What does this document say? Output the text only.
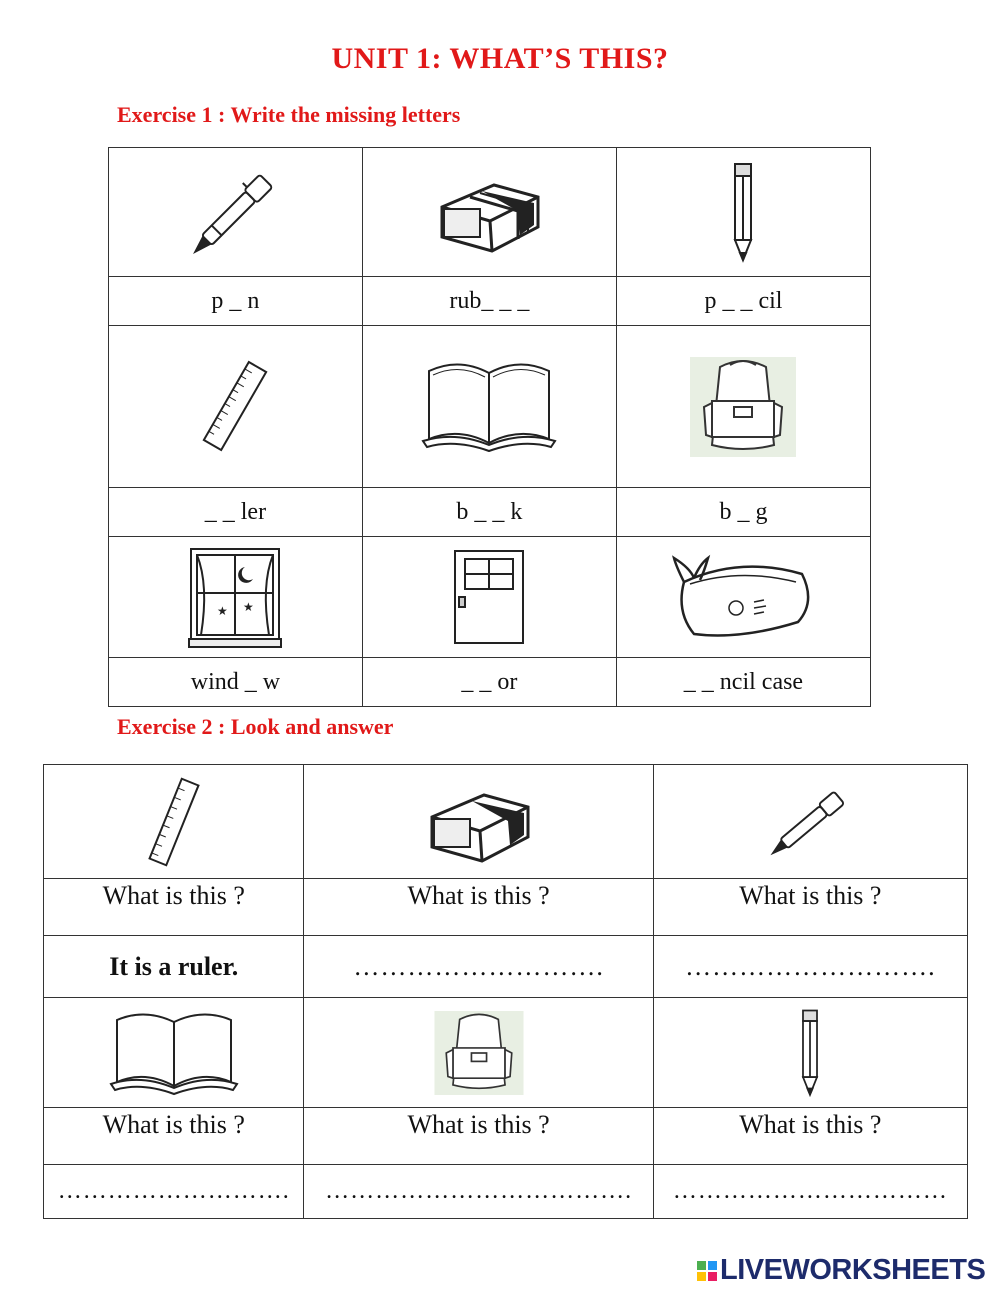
UNIT 1: WHAT’S THIS?
Exercise 1 : Write the missing letters

p _ n	rub_ _ _	p _ _ cil

_ _ ler	b _ _ k	b _ g

★ ★

wind _ w	_ _ or	_ _ ncil case
Exercise 2 : Look and answer

What is this ?	What is this ?	What is this ?
It is a ruler.	……………………….	……………………….

What is this ?	What is this ?	What is this ?
……………………….	……………………………….	……………………………
LIVEWORKSHEETS
